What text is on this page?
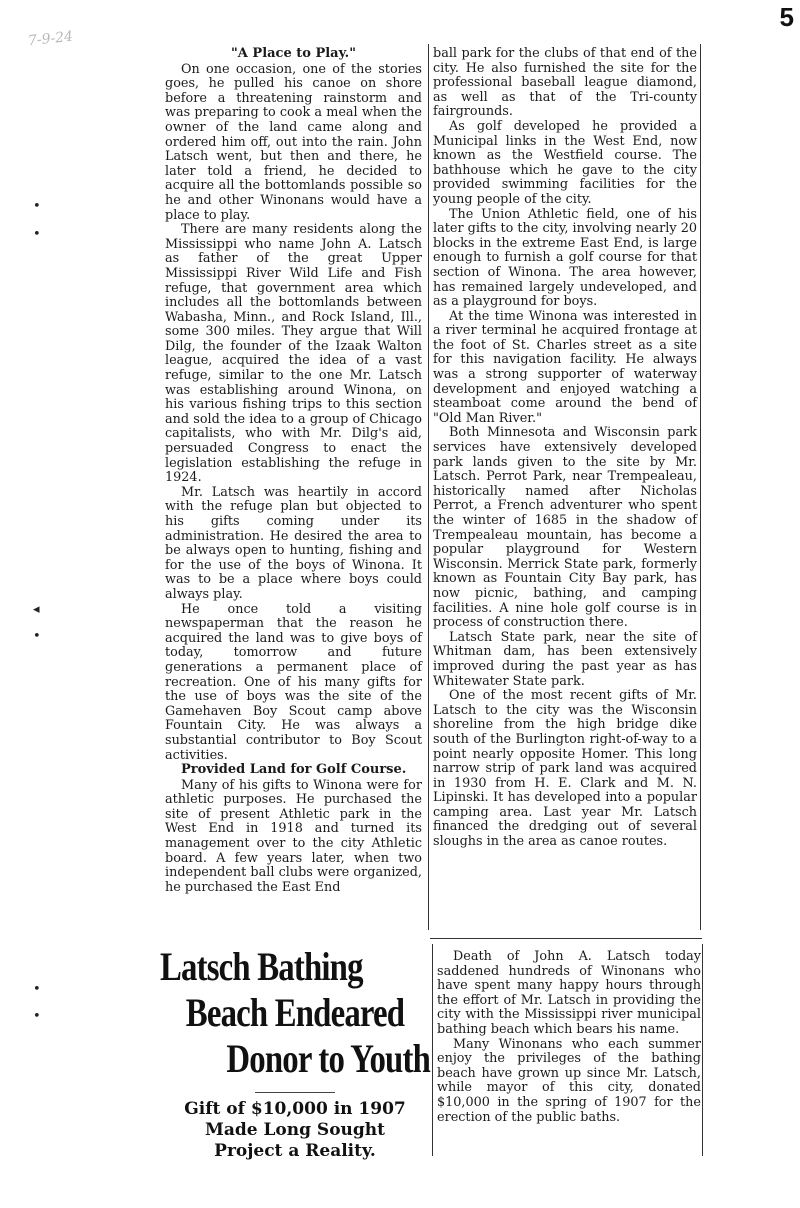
5
7-9-24
•
•
◂
•
•
•
"A Place to Play."

On one occasion, one of the stories goes, he pulled his canoe on shore before a threatening rainstorm and was preparing to cook a meal when the owner of the land came along and ordered him off, out into the rain. John Latsch went, but then and there, he later told a friend, he decided to acquire all the bottomlands possible so he and other Winonans would have a place to play.

There are many residents along the Mississippi who name John A. Latsch as father of the great Upper Mississippi River Wild Life and Fish refuge, that government area which includes all the bottomlands between Wabasha, Minn., and Rock Island, Ill., some 300 miles. They argue that Will Dilg, the founder of the Izaak Walton league, acquired the idea of a vast refuge, similar to the one Mr. Latsch was establishing around Winona, on his various fishing trips to this section and sold the idea to a group of Chicago capitalists, who with Mr. Dilg's aid, persuaded Congress to enact the legislation establishing the refuge in 1924.

Mr. Latsch was heartily in accord with the refuge plan but objected to his gifts coming under its administration. He desired the area to be always open to hunting, fishing and for the use of the boys of Winona. It was to be a place where boys could always play.

He once told a visiting newspaperman that the reason he acquired the land was to give boys of today, tomorrow and future generations a permanent place of recreation. One of his many gifts for the use of boys was the site of the Gamehaven Boy Scout camp above Fountain City. He was always a substantial contributor to Boy Scout activities.

Provided Land for Golf Course.

Many of his gifts to Winona were for athletic purposes. He purchased the site of present Athletic park in the West End in 1918 and turned its management over to the city Athletic board. A few years later, when two independent ball clubs were organized, he purchased the East End

ball park for the clubs of that end of the city. He also furnished the site for the professional baseball league diamond, as well as that of the Tri-county fairgrounds.

As golf developed he provided a Municipal links in the West End, now known as the Westfield course. The bathhouse which he gave to the city provided swimming facilities for the young people of the city.

The Union Athletic field, one of his later gifts to the city, involving nearly 20 blocks in the extreme East End, is large enough to furnish a golf course for that section of Winona. The area however, has remained largely undeveloped, and as a playground for boys.

At the time Winona was interested in a river terminal he acquired frontage at the foot of St. Charles street as a site for this navigation facility. He always was a strong supporter of waterway development and enjoyed watching a steamboat come around the bend of "Old Man River."

Both Minnesota and Wisconsin park services have extensively developed park lands given to the site by Mr. Latsch. Perrot Park, near Trempealeau, historically named after Nicholas Perrot, a French adventurer who spent the winter of 1685 in the shadow of Trempealeau mountain, has become a popular playground for Western Wisconsin. Merrick State park, formerly known as Fountain City Bay park, has now picnic, bathing, and camping facilities. A nine hole golf course is in process of construction there.

Latsch State park, near the site of Whitman dam, has been extensively improved during the past year as has Whitewater State park.

One of the most recent gifts of Mr. Latsch to the city was the Wisconsin shoreline from the high bridge dike south of the Burlington right-of-way to a point nearly opposite Homer. This long narrow strip of park land was acquired in 1930 from H. E. Clark and M. N. Lipinski. It has developed into a popular camping area. Last year Mr. Latsch financed the dredging out of several sloughs in the area as canoe routes.

Latsch Bathing
Beach Endeared
Donor to Youth
Gift of $10,000 in 1907
Made Long Sought
Project a Reality.

Death of John A. Latsch today saddened hundreds of Winonans who have spent many happy hours through the effort of Mr. Latsch in providing the city with the Mississippi river municipal bathing beach which bears his name.

Many Winonans who each summer enjoy the privileges of the bathing beach have grown up since Mr. Latsch, while mayor of this city, donated $10,000 in the spring of 1907 for the erection of the public baths.
